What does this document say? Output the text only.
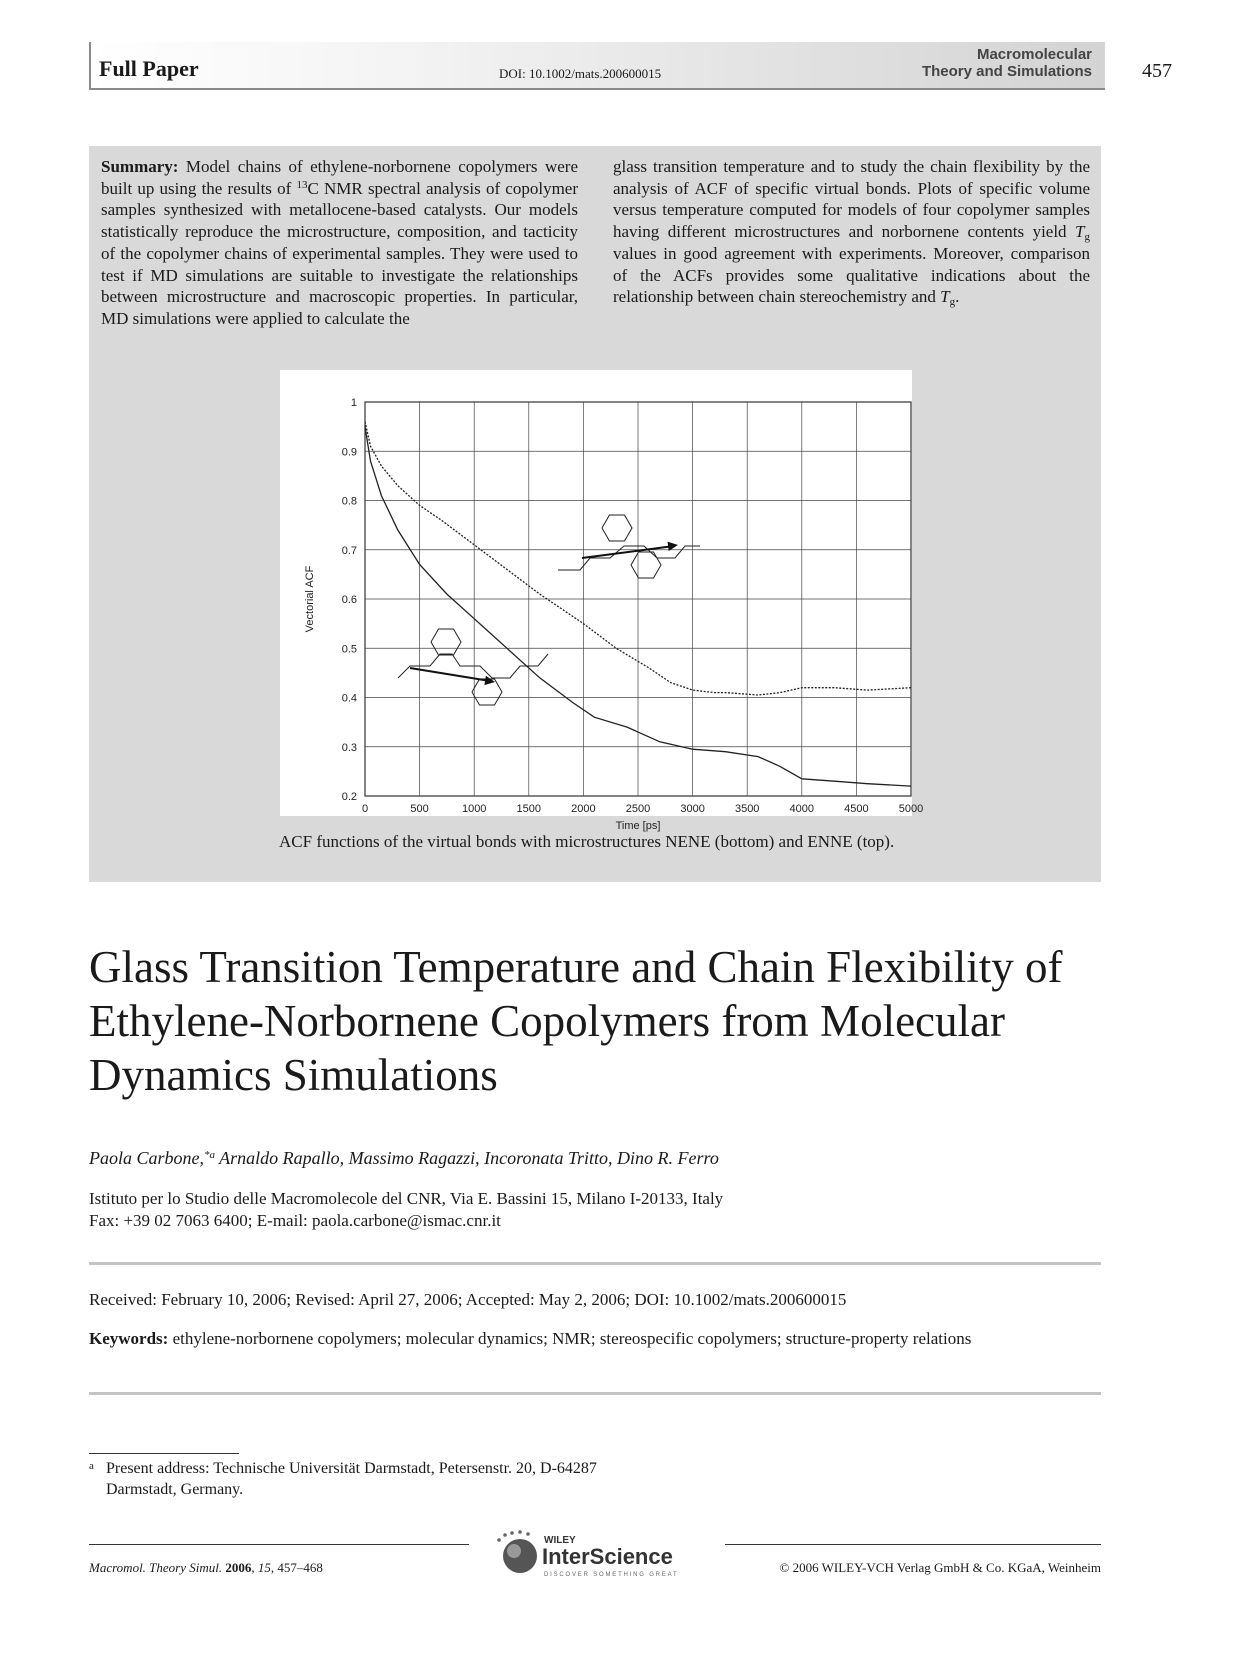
Full Paper	DOI: 10.1002/mats.200600015
Macromolecular
Theory and Simulations	457
Summary: Model chains of ethylene-norbornene copolymers were built up using the results of $^{13}$C NMR spectral analysis of copolymer samples synthesized with metallocene-based catalysts. Our models statistically reproduce the microstructure, composition, and tacticity of the copolymer chains of experimental samples. They were used to test if MD simulations are suitable to investigate the relationships between microstructure and macroscopic properties. In particular, MD simulations were applied to calculate the
glass transition temperature and to study the chain flexibility by the analysis of ACF of specific virtual bonds. Plots of specific volume versus temperature computed for models of four copolymer samples having different microstructures and norbornene contents yield $T_g$ values in good agreement with experiments. Moreover, comparison of the ACFs provides some qualitative indications about the relationship between chain stereochemistry and $T_g$.
0	500	1000	1500	2000	2500	3000	3500	4000	4500	5000
0.2
0.3
0.4
0.5
0.6
0.7
0.8
0.9
1
Time [ps]
Vectorial ACF
ACF functions of the virtual bonds with microstructures NENE (bottom) and ENNE (top).
Glass Transition Temperature and Chain Flexibility of Ethylene-Norbornene Copolymers from Molecular Dynamics Simulations
Paola Carbone,$^{*a}$ Arnaldo Rapallo, Massimo Ragazzi, Incoronata Tritto, Dino R. Ferro
Istituto per lo Studio delle Macromolecole del CNR, Via E. Bassini 15, Milano I-20133, Italy
Fax: +39 02 7063 6400; E-mail: paola.carbone@ismac.cnr.it
Received: February 10, 2006; Revised: April 27, 2006; Accepted: May 2, 2006; DOI: 10.1002/mats.200600015
Keywords: ethylene-norbornene copolymers; molecular dynamics; NMR; stereospecific copolymers; structure-property relations
a Present address: Technische Universität Darmstadt, Petersenstr. 20, D-64287 Darmstadt, Germany.
Macromol. Theory Simul. 2006, 15, 457–468
WILEY
InterScience
DISCOVER SOMETHING GREAT	© 2006 WILEY-VCH Verlag GmbH & Co. KGaA, Weinheim
